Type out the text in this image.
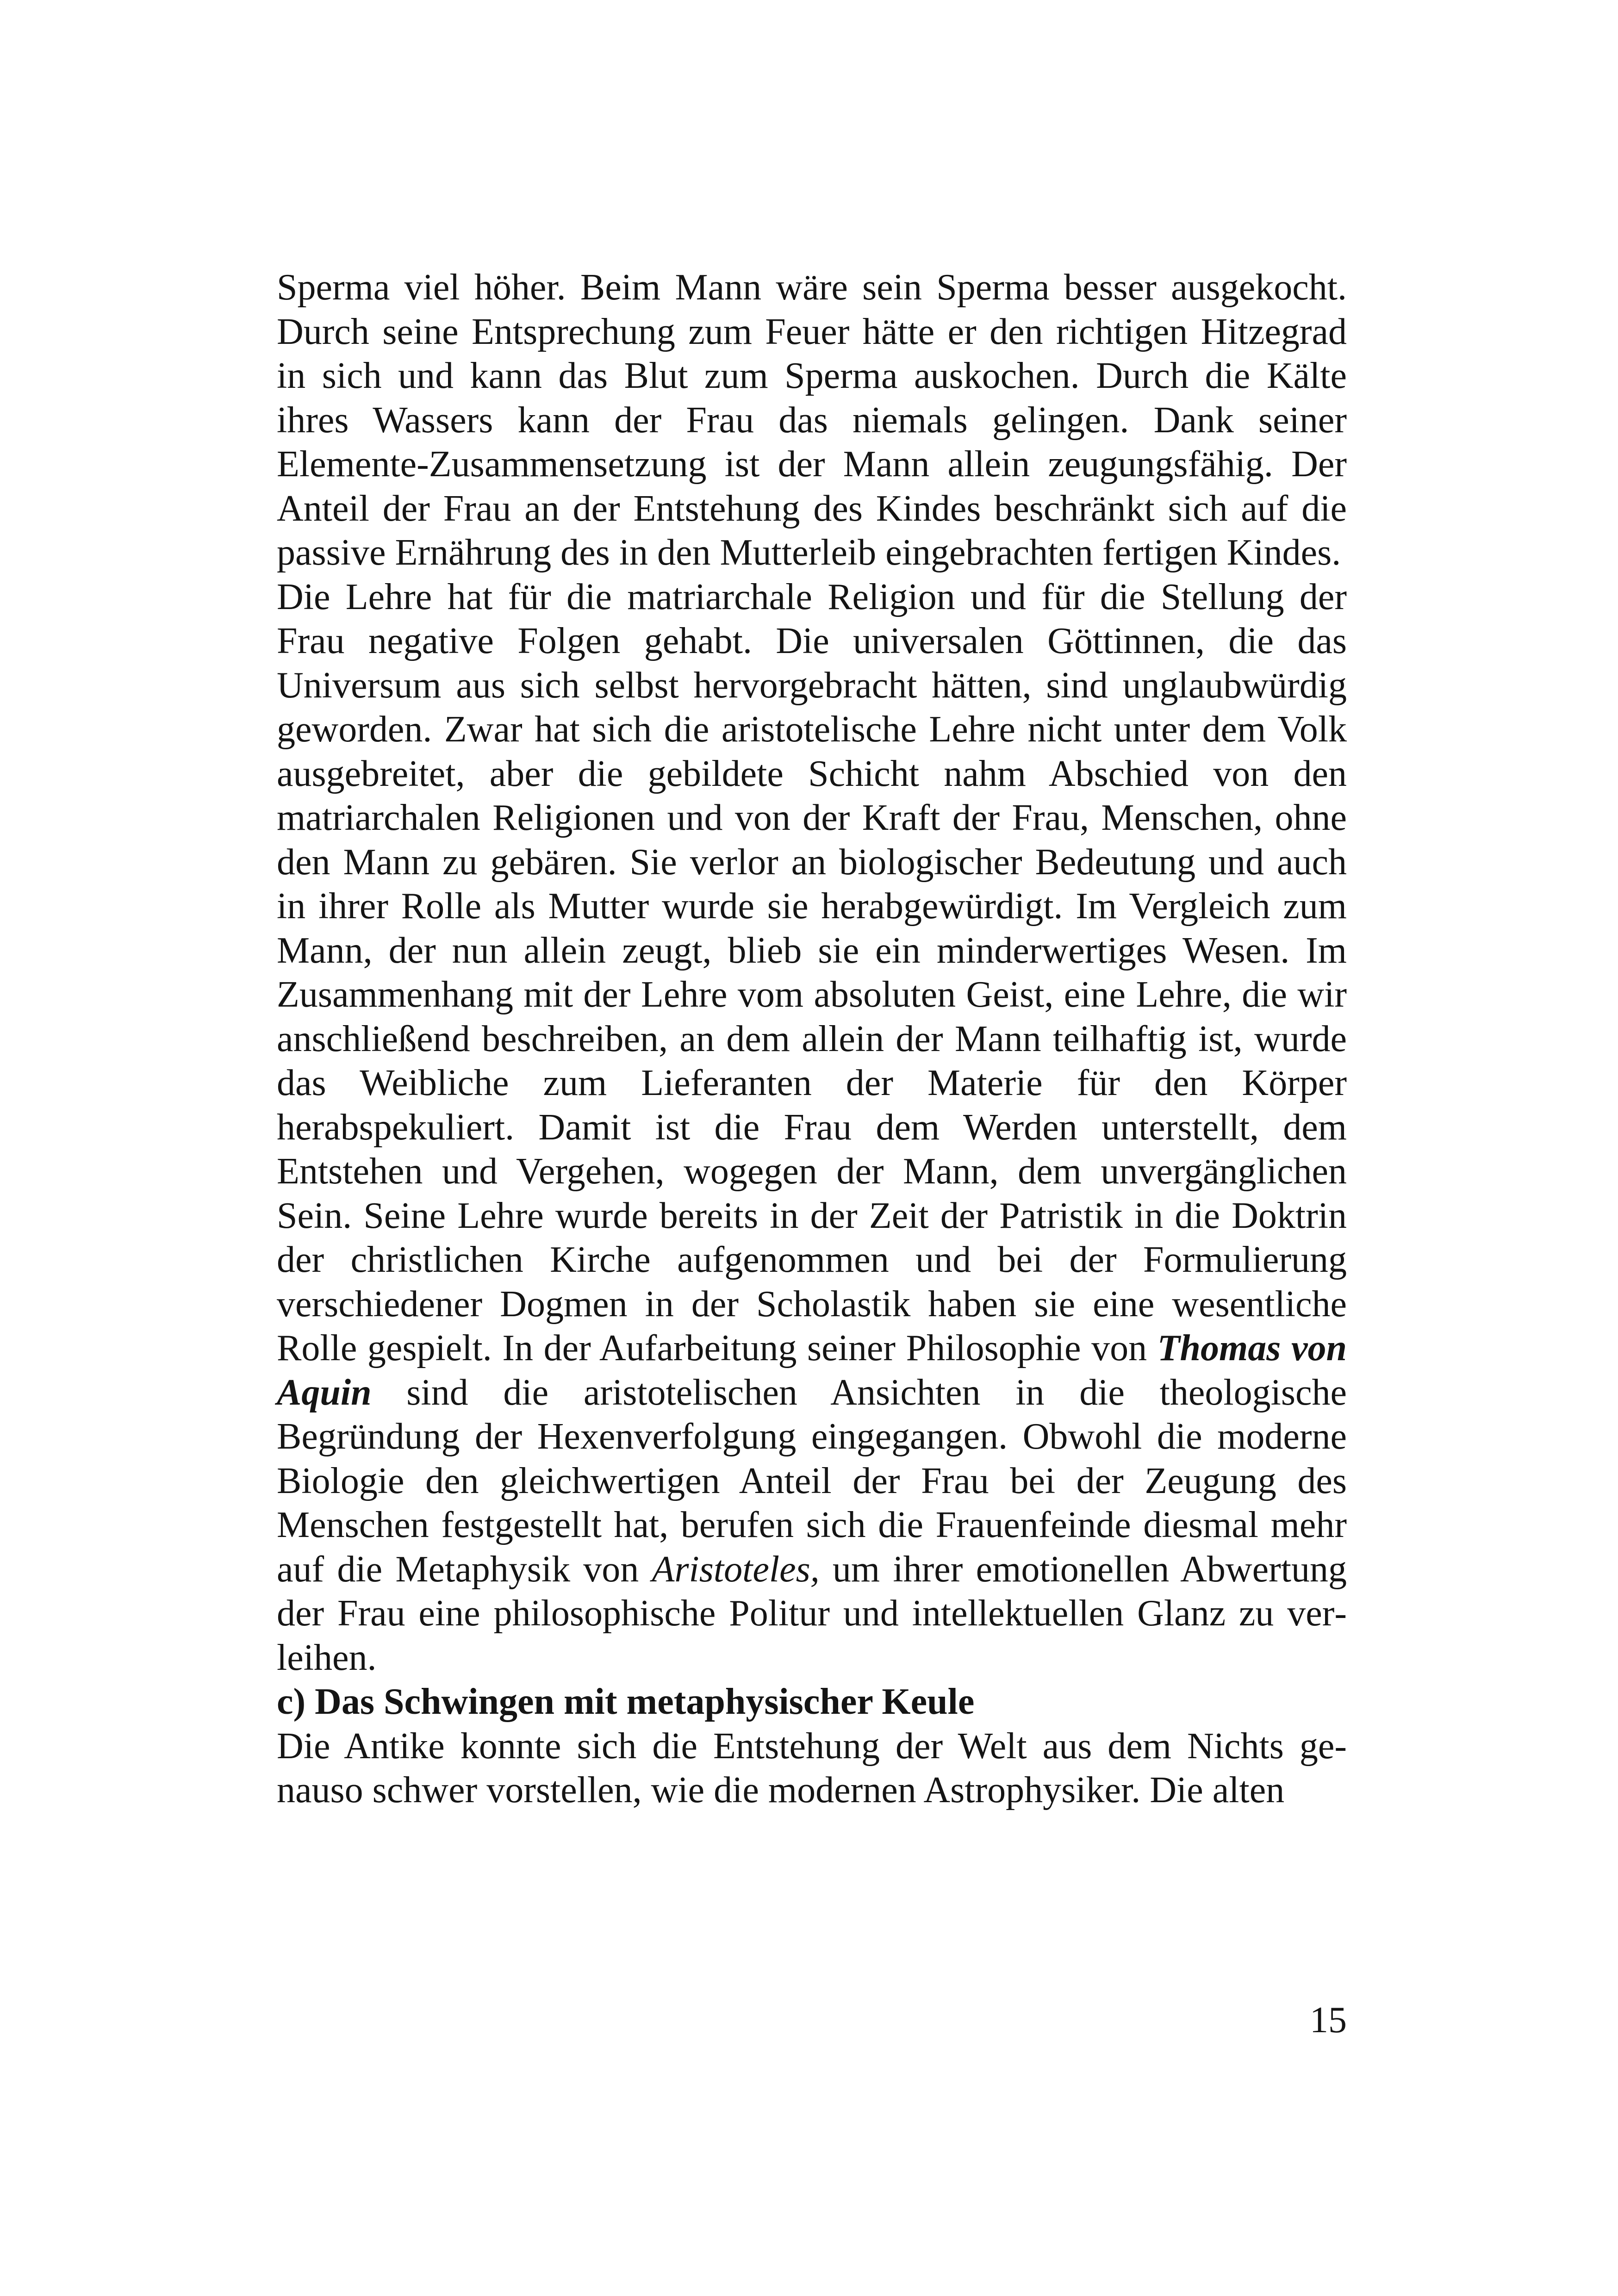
Sperma viel höher. Beim Mann wäre sein Sperma besser ausgekocht. Durch seine Entsprechung zum Feuer hätte er den richtigen Hitzegrad in sich und kann das Blut zum Sperma auskochen. Durch die Kälte ihres Wassers kann der Frau das niemals gelingen. Dank seiner Elemente-Zusammensetzung ist der Mann allein zeugungsfähig. Der Anteil der Frau an der Entstehung des Kindes beschränkt sich auf die passive Ernährung des in den Mutterleib eingebrachten fertigen Kindes.

Die Lehre hat für die matriarchale Religion und für die Stellung der Frau negative Folgen gehabt. Die universalen Göttinnen, die das Universum aus sich selbst hervorgebracht hätten, sind unglaubwürdig geworden. Zwar hat sich die aristotelische Lehre nicht unter dem Volk ausgebreitet, aber die gebildete Schicht nahm Abschied von den matriarchalen Religionen und von der Kraft der Frau, Menschen, ohne den Mann zu gebären. Sie verlor an biologischer Bedeutung und auch in ihrer Rolle als Mutter wurde sie herabgewürdigt. Im Vergleich zum Mann, der nun allein zeugt, blieb sie ein minderwertiges Wesen. Im Zusammenhang mit der Lehre vom absoluten Geist, eine Lehre, die wir anschließend beschreiben, an dem allein der Mann teilhaftig ist, wurde das Weibliche zum Lieferanten der Materie für den Körper herabspekuliert. Damit ist die Frau dem Werden unterstellt, dem Entstehen und Vergehen, wogegen der Mann, dem unvergänglichen Sein. Seine Lehre wurde bereits in der Zeit der Patristik in die Doktrin der christlichen Kirche aufgenommen und bei der Formulierung verschiedener Dogmen in der Scholastik haben sie eine wesentliche Rolle gespielt. In der Aufarbeitung seiner Philosophie von Thomas von Aquin sind die aristotelischen Ansichten in die theologische Begründung der Hexenverfolgung eingegangen. Obwohl die moderne Biologie den gleichwertigen Anteil der Frau bei der Zeugung des Menschen festgestellt hat, berufen sich die Frauenfeinde diesmal mehr auf die Metaphysik von Aristoteles, um ihrer emotionellen Abwertung der Frau eine philosophische Politur und intellektuellen Glanz zu verleihen.

c) Das Schwingen mit metaphysischer Keule

Die Antike konnte sich die Entstehung der Welt aus dem Nichts genauso schwer vorstellen, wie die modernen Astrophysiker. Die alten

15
